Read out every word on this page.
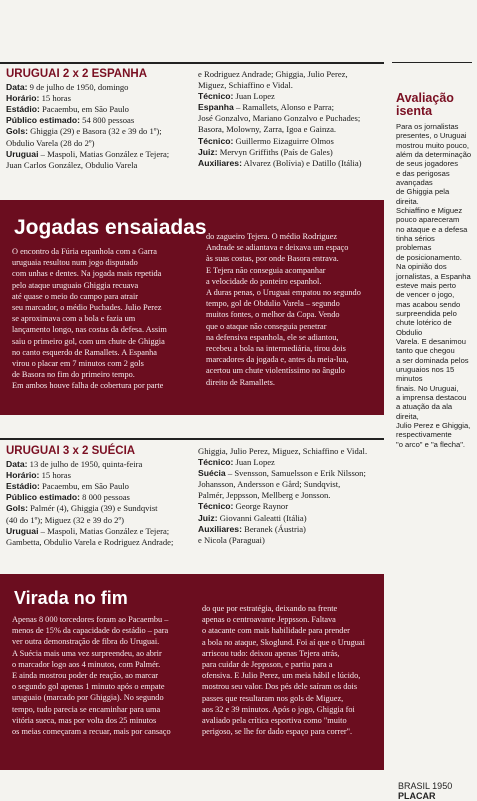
URUGUAI 2 x 2 ESPANHA

Data: 9 de julho de 1950, domingo
Horário: 15 horas
Estádio: Pacaembu, em São Paulo
Público estimado: 54 800 pessoas
Gols: Ghiggia (29) e Basora (32 e 39 do 1º);
Obdulio Varela (28 do 2º)
Uruguai – Maspoli, Matias González e Tejera;
Juan Carlos González, Obdulio Varela
e Rodriguez Andrade; Ghiggia, Julio Perez,
Miguez, Schiaffino e Vidal.
Técnico: Juan Lopez
Espanha – Ramallets, Alonso e Parra;
José Gonzalvo, Mariano Gonzalvo e Puchades;
Basora, Molowny, Zarra, Igoa e Gainza.
Técnico: Guillermo Eizaguirre Olmos
Juiz: Mervyn Griffiths (País de Gales)
Auxiliares: Alvarez (Bolívia) e Datillo (Itália)
Jogadas ensaiadas
O encontro da Fúria espanhola com a Garra
uruguaia resultou num jogo disputado
com unhas e dentes. Na jogada mais repetida
pelo ataque uruguaio Ghiggia recuava
até quase o meio do campo para atrair
seu marcador, o médio Puchades. Julio Perez
se aproximava com a bola e fazia um
lançamento longo, nas costas da defesa. Assim
saiu o primeiro gol, com um chute de Ghiggia
no canto esquerdo de Ramallets. A Espanha
virou o placar em 7 minutos com 2 gols
de Basora no fim do primeiro tempo.
Em ambos houve falha de cobertura por parte
do zagueiro Tejera. O médio Rodriguez
Andrade se adiantava e deixava um espaço
às suas costas, por onde Basora entrava.
E Tejera não conseguia acompanhar
a velocidade do ponteiro espanhol.
A duras penas, o Uruguai empatou no segundo
tempo, gol de Obdulio Varela – segundo
muitos fontes, o melhor da Copa. Vendo
que o ataque não conseguia penetrar
na defensiva espanhola, ele se adiantou,
recebeu a bola na intermediária, tirou dois
marcadores da jogada e, antes da meia-lua,
acertou um chute violentíssimo no ângulo
direito de Ramallets.
Avaliação
isenta
Para os jornalistas
presentes, o Uruguai
mostrou muito pouco,
além da determinação
de seus jogadores
e das perigosas avançadas
de Ghiggia pela direita.
Schiaffino e Miguez
pouco apareceram
no ataque e a defesa
tinha sérios problemas
de posicionamento.
Na opinião dos
jornalistas, a Espanha
esteve mais perto
de vencer o jogo,
mas acabou sendo
surpreendida pelo
chute lotérico de Obdulio
Varela. E desanimou
tanto que chegou
a ser dominada pelos
uruguaios nos 15 minutos
finais. No Uruguai,
a imprensa destacou
a atuação da ala direita,
Julio Perez e Ghiggia,
respectivamente
"o arco" e "a flecha".

URUGUAI 3 x 2 SUÉCIA

Data: 13 de julho de 1950, quinta-feira
Horário: 15 horas
Estádio: Pacaembu, em São Paulo
Público estimado: 8 000 pessoas
Gols: Palmér (4), Ghiggia (39) e Sundqvist
(40 do 1º); Miguez (32 e 39 do 2º)
Uruguai – Maspoli, Matias González e Tejera;
Gambetta, Obdulio Varela e Rodriguez Andrade;
Ghiggia, Julio Perez, Miguez, Schiaffino e Vidal.
Técnico: Juan Lopez
Suécia – Svensson, Samuelsson e Erik Nilsson;
Johansson, Andersson e Gård; Sundqvist,
Palmér, Jeppsson, Mellberg e Jonsson.
Técnico: George Raynor
Juiz: Giovanni Galeatti (Itália)
Auxiliares: Beranek (Áustria)
e Nicola (Paraguai)
Virada no fim
Apenas 8 000 torcedores foram ao Pacaembu –
menos de 15% da capacidade do estádio – para
ver outra demonstração de fibra do Uruguai.
A Suécia mais uma vez surpreendeu, ao abrir
o marcador logo aos 4 minutos, com Palmér.
E ainda mostrou poder de reação, ao marcar
o segundo gol apenas 1 minuto após o empate
uruguaio (marcado por Ghiggia). No segundo
tempo, tudo parecia se encaminhar para uma
vitória sueca, mas por volta dos 25 minutos
os meias começaram a recuar, mais por cansaço
do que por estratégia, deixando na frente
apenas o centroavante Jeppsson. Faltava
o atacante com mais habilidade para prender
a bola no ataque, Skoglund. Foi aí que o Uruguai
arriscou tudo: deixou apenas Tejera atrás,
para cuidar de Jeppsson, e partiu para a
ofensiva. E Julio Perez, um meia hábil e lúcido,
mostrou seu valor. Dos pés dele saíram os dois
passes que resultaram nos gols de Miguez,
aos 32 e 39 minutos. Após o jogo, Ghiggia foi
avaliado pela crítica esportiva como "muito
perigoso, se lhe for dado espaço para correr".
BRASIL 1950 PLACAR
